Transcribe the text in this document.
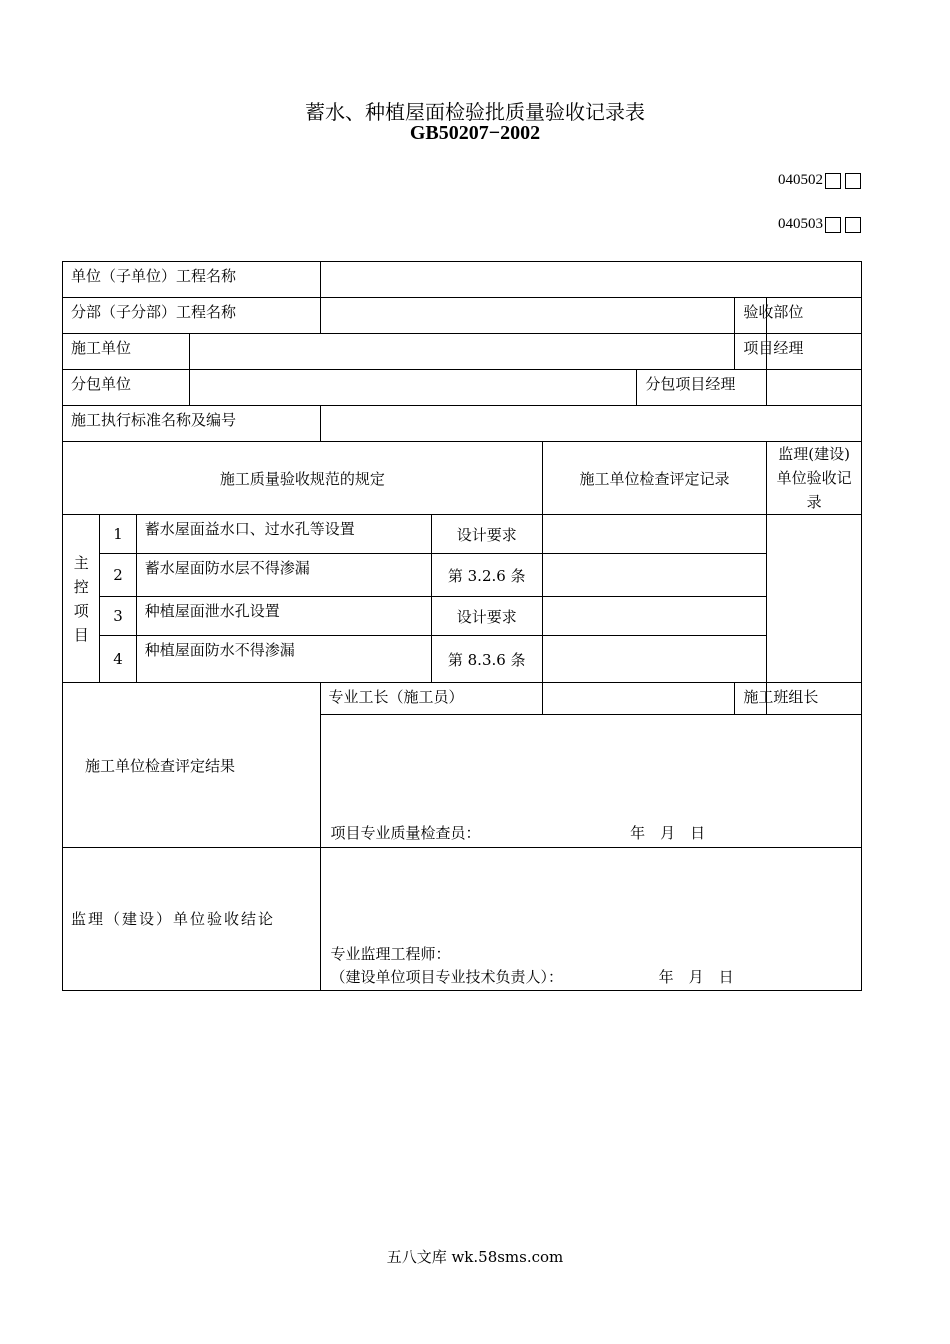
蓄水、种植屋面检验批质量验收记录表
GB50207−2002
040502
040503
单位（子单位）工程名称									
分部（子分部）工程名称								验收部位	
施工单位								项目经理	
分包单位							分包项目经理		
施工执行标准名称及编号									
施工质量验收规范的规定						施工单位检查评定记录			监理(建设)单位验收记录
主控项目	1	蓄水屋面益水口、过水孔等设置			设计要求				
	2	蓄水屋面防水层不得渗漏			第 3.2.6 条				
	3	种植屋面泄水孔设置			设计要求				
	4	种植屋面防水不得渗漏			第 8.3.6 条				
施工单位检查评定结果				专业工长（施工员）				施工班组长	

				项目专业质量检查员： 年　月　日					

监理（建设）单位验收结论				专业监理工程师：
（建设单位项目专业技术负责人）： 年　月　日					
五八文库 wk.58sms.com
